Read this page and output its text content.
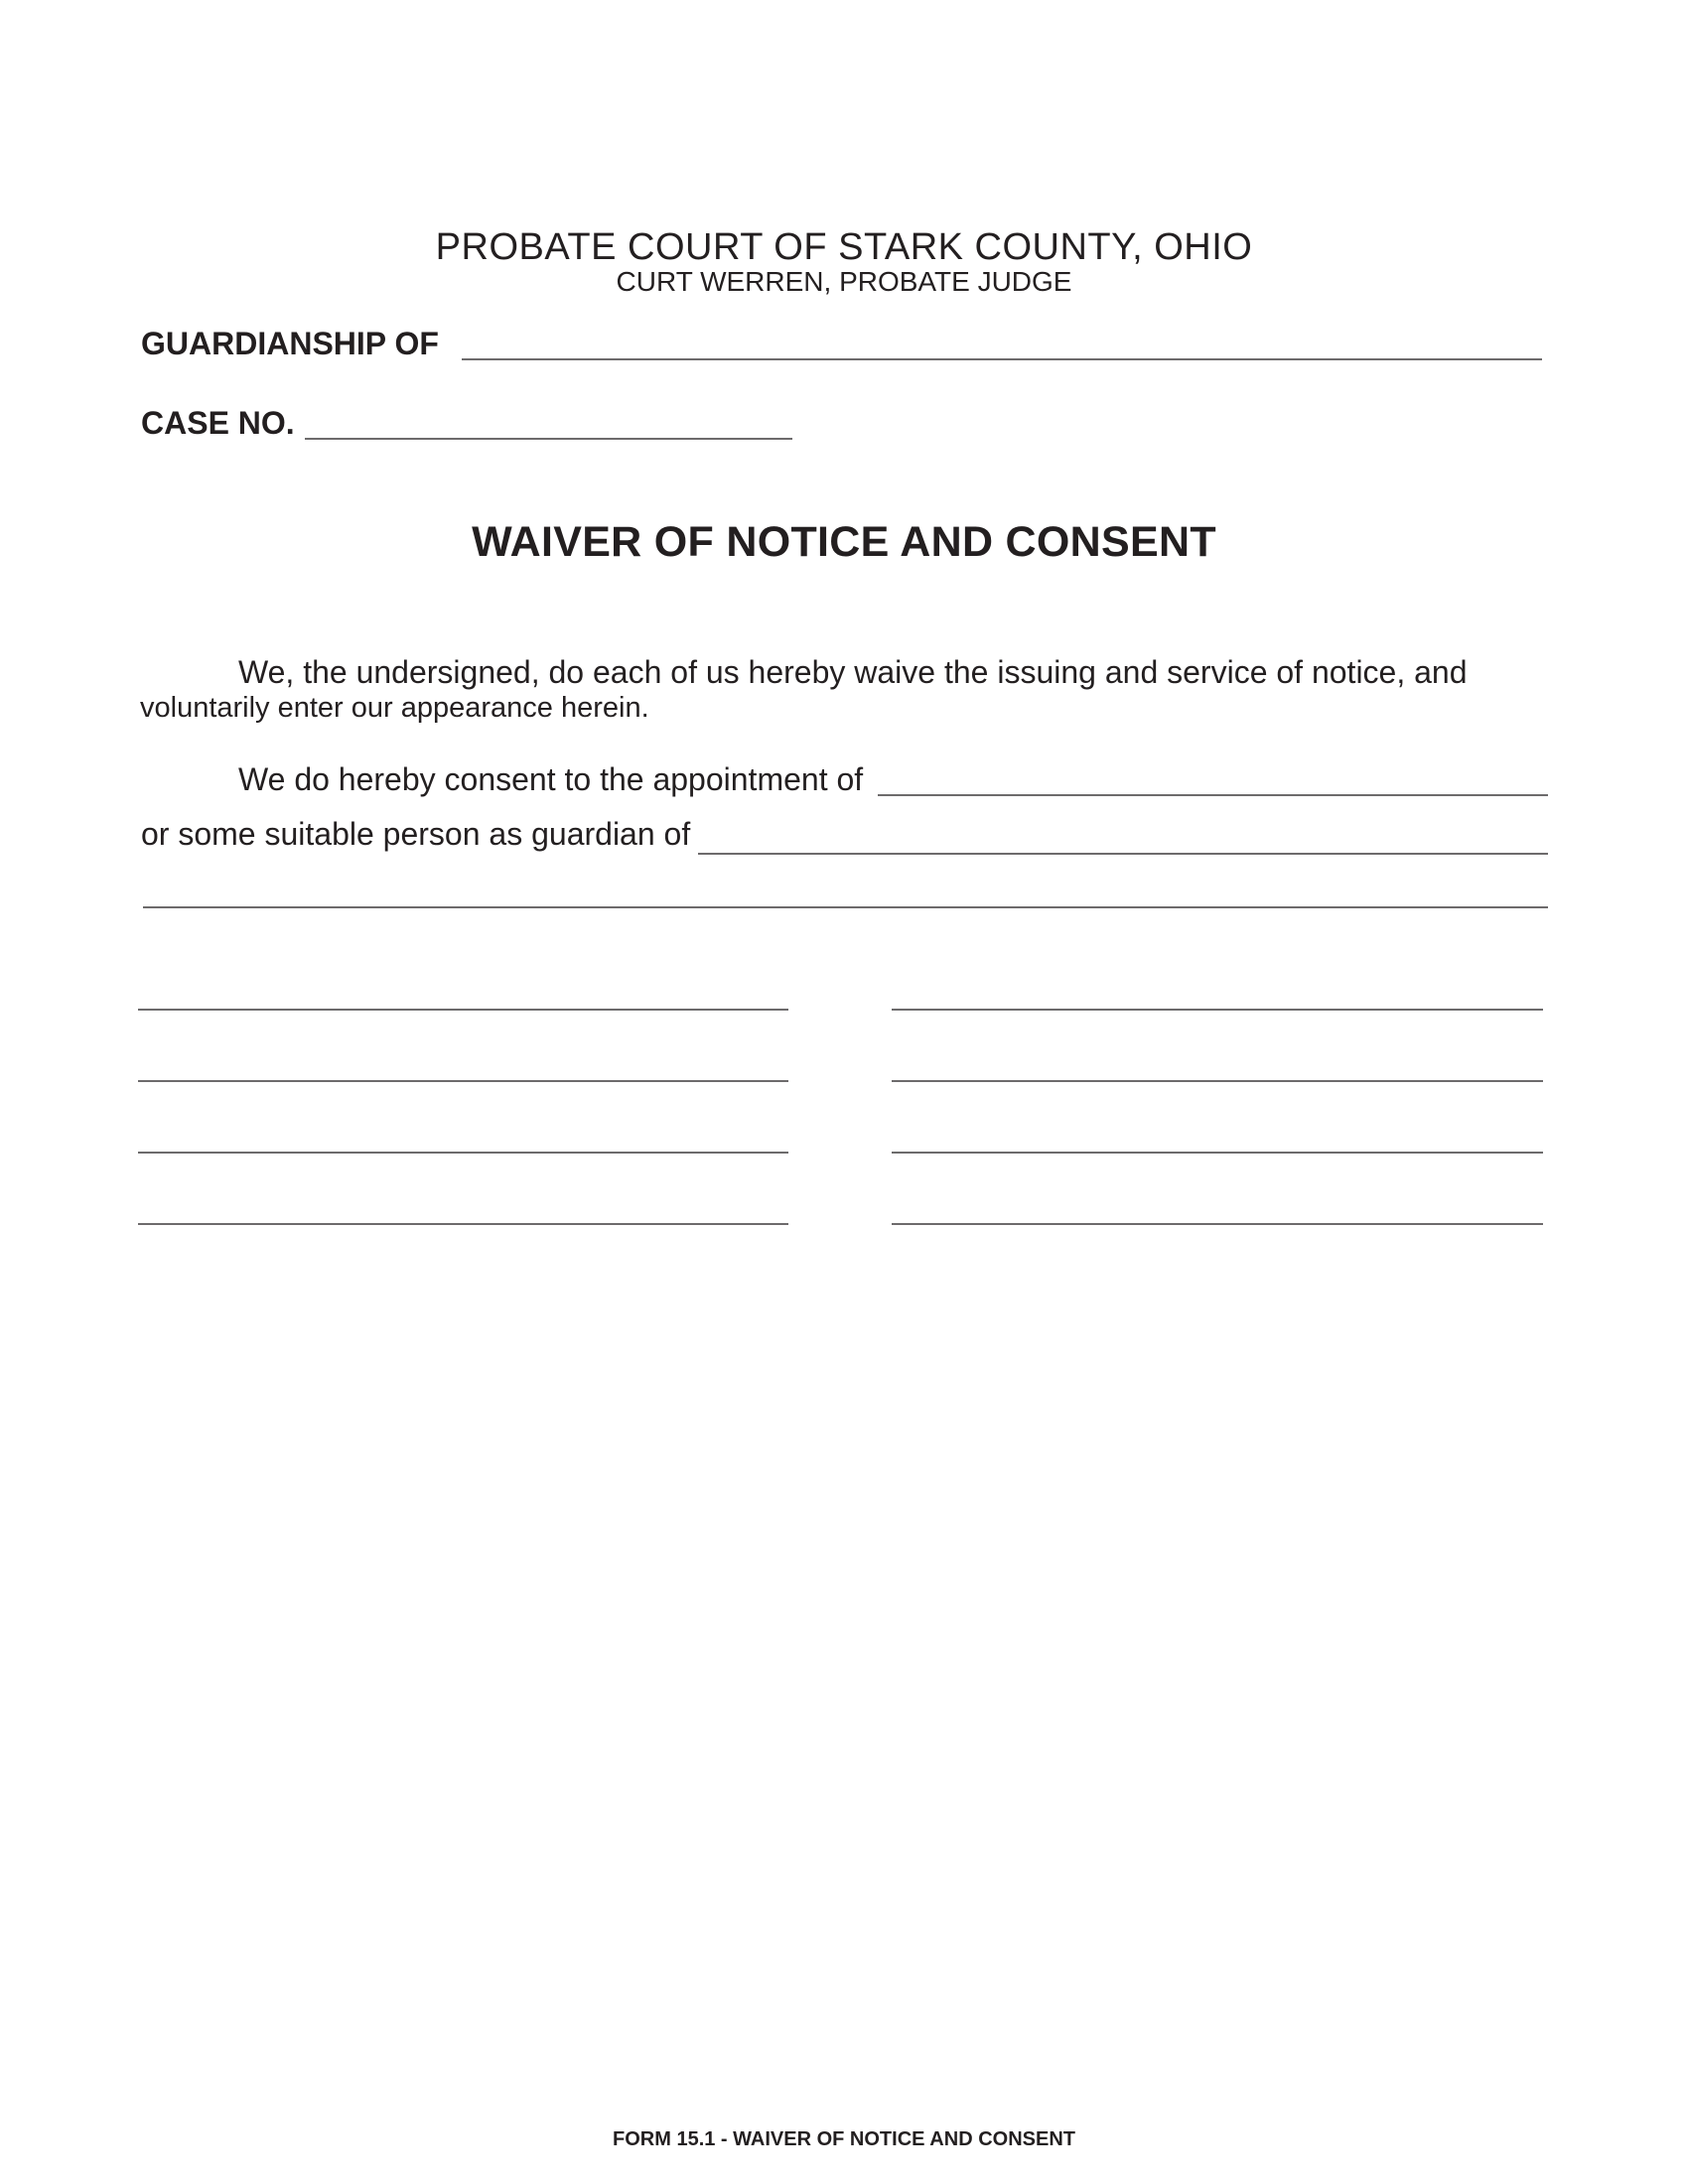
PROBATE COURT OF STARK COUNTY, OHIO
CURT WERREN, PROBATE JUDGE
GUARDIANSHIP OF
CASE NO.
WAIVER OF NOTICE AND CONSENT
We, the undersigned, do each of us hereby waive the issuing and service of notice, and
voluntarily enter our appearance herein.
We do hereby consent to the appointment of
or some suitable person as guardian of
FORM 15.1 - WAIVER OF NOTICE AND CONSENT
